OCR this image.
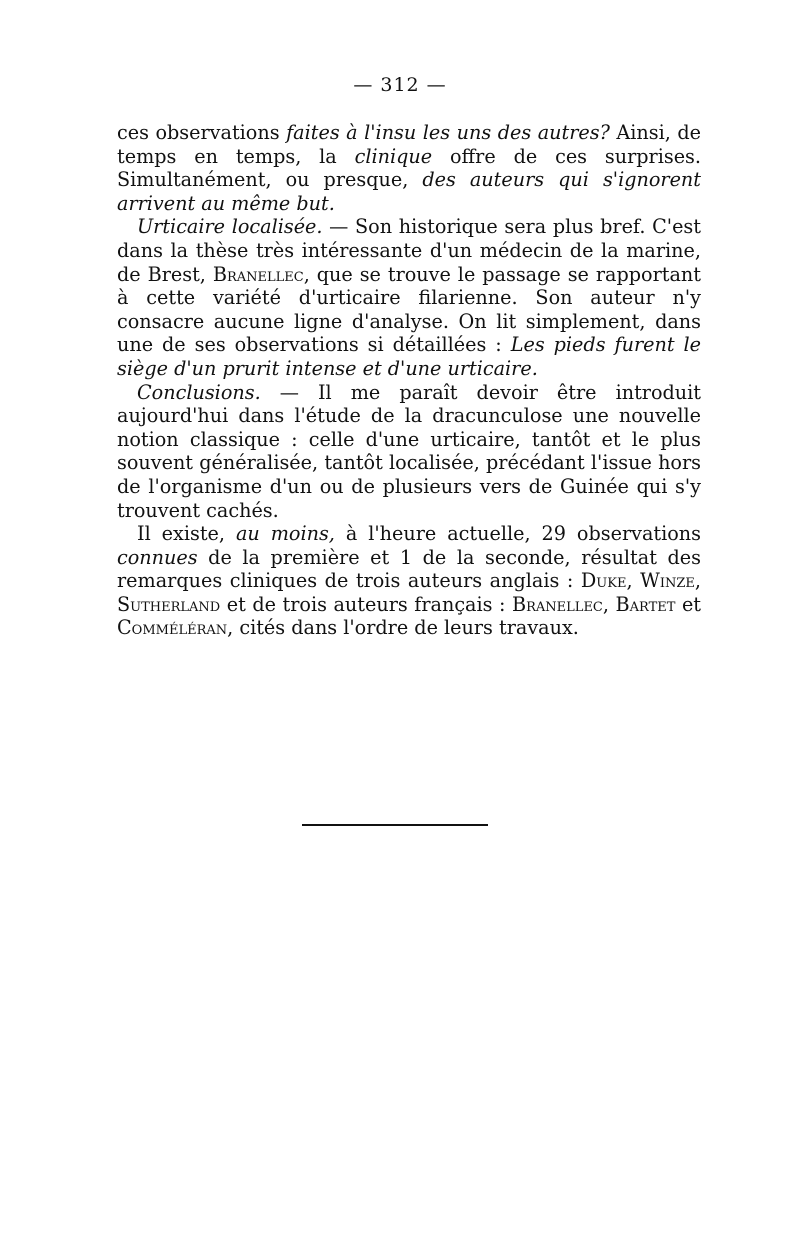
— 312 —

ces observations faites à l'insu les uns des autres? Ainsi, de temps en temps, la clinique offre de ces surprises. Simultanément, ou presque, des auteurs qui s'ignorent arrivent au même but.

Urticaire localisée. — Son historique sera plus bref. C'est dans la thèse très intéressante d'un médecin de la marine, de Brest, Branellec, que se trouve le passage se rapportant à cette variété d'urticaire filarienne. Son auteur n'y consacre aucune ligne d'analyse. On lit simplement, dans une de ses observations si détaillées : Les pieds furent le siège d'un prurit intense et d'une urticaire.

Conclusions. — Il me paraît devoir être introduit aujourd'hui dans l'étude de la dracunculose une nouvelle notion classique : celle d'une urticaire, tantôt et le plus souvent généralisée, tantôt localisée, précédant l'issue hors de l'organisme d'un ou de plusieurs vers de Guinée qui s'y trouvent cachés.

Il existe, au moins, à l'heure actuelle, 29 observations connues de la première et 1 de la seconde, résultat des remarques cliniques de trois auteurs anglais : Duke, Winze, Sutherland et de trois auteurs français : Branellec, Bartet et Comméléran, cités dans l'ordre de leurs travaux.
